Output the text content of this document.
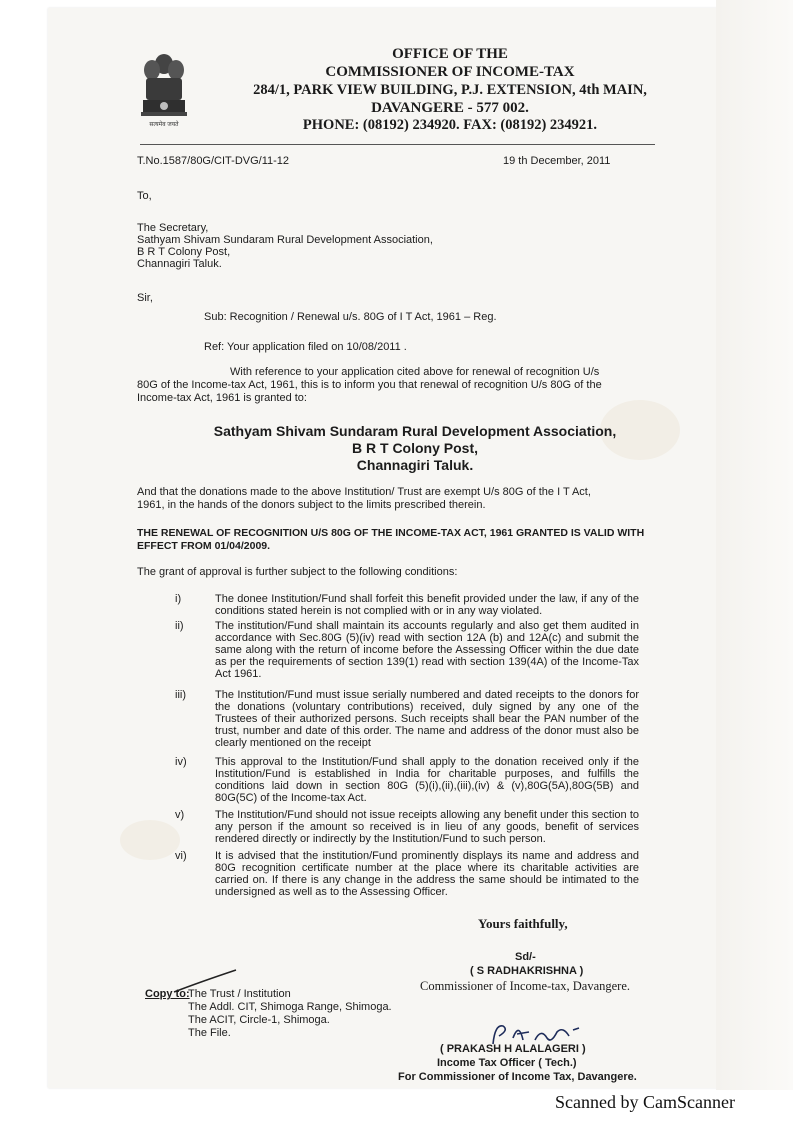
सत्यमेव जयते
OFFICE OF THE
COMMISSIONER OF INCOME-TAX
284/1, PARK VIEW BUILDING, P.J. EXTENSION, 4th MAIN,
DAVANGERE - 577 002.
PHONE: (08192) 234920. FAX: (08192) 234921.
T.No.1587/80G/CIT-DVG/11-12	19 th December, 2011
To,
The Secretary,
Sathyam Shivam Sundaram Rural Development Association,
B R T Colony Post,
Channagiri Taluk.
Sir,
Sub: Recognition / Renewal u/s. 80G of I T Act, 1961 – Reg.
Ref: Your application filed on 10/08/2011 .
With reference to your application cited above for renewal of recognition U/s
80G of the Income-tax Act, 1961, this is to inform you that renewal of recognition U/s 80G of the
Income-tax Act, 1961 is granted to:
Sathyam Shivam Sundaram Rural Development Association,
B R T Colony Post,
Channagiri Taluk.
And that the donations made to the above Institution/ Trust are exempt U/s 80G of the I T Act,
1961, in the hands of the donors subject to the limits prescribed therein.
THE RENEWAL OF RECOGNITION U/S 80G OF THE INCOME-TAX ACT, 1961 GRANTED IS VALID WITH
EFFECT FROM 01/04/2009.
The grant of approval is further subject to the following conditions:
i)	The donee Institution/Fund shall forfeit this benefit provided under the law, if any of the conditions stated herein is not complied with or in any way violated.
ii)	The institution/Fund shall maintain its accounts regularly and also get them audited in accordance with Sec.80G (5)(iv) read with section 12A (b) and 12A(c) and submit the same along with the return of income before the Assessing Officer within the due date as per the requirements of section 139(1) read with section 139(4A) of the Income-Tax Act 1961.
iii)	The Institution/Fund must issue serially numbered and dated receipts to the donors for the donations (voluntary contributions) received, duly signed by any one of the Trustees of their authorized persons. Such receipts shall bear the PAN number of the trust, number and date of this order. The name and address of the donor must also be clearly mentioned on the receipt
iv)	This approval to the Institution/Fund shall apply to the donation received only if the Institution/Fund is established in India for charitable purposes, and fulfills the conditions laid down in section 80G (5)(i),(ii),(iii),(iv) & (v),80G(5A),80G(5B) and 80G(5C) of the Income-tax Act.
v)	The Institution/Fund should not issue receipts allowing any benefit under this section to any person if the amount so received is in lieu of any goods, benefit of services rendered directly or indirectly by the Institution/Fund to such person.
vi)	It is advised that the institution/Fund prominently displays its name and address and 80G recognition certificate number at the place where its charitable activities are carried on. If there is any change in the address the same should be intimated to the undersigned as well as to the Assessing Officer.
Yours faithfully,
Sd/-
( S RADHAKRISHNA )
Commissioner of Income-tax, Davangere.
Copy to:
The Trust / Institution
The Addl. CIT, Shimoga Range, Shimoga.
The ACIT, Circle-1, Shimoga.
The File.
( PRAKASH H ALALAGERI )
Income Tax Officer ( Tech.)
For Commissioner of Income Tax, Davangere.
Scanned by CamScanner
